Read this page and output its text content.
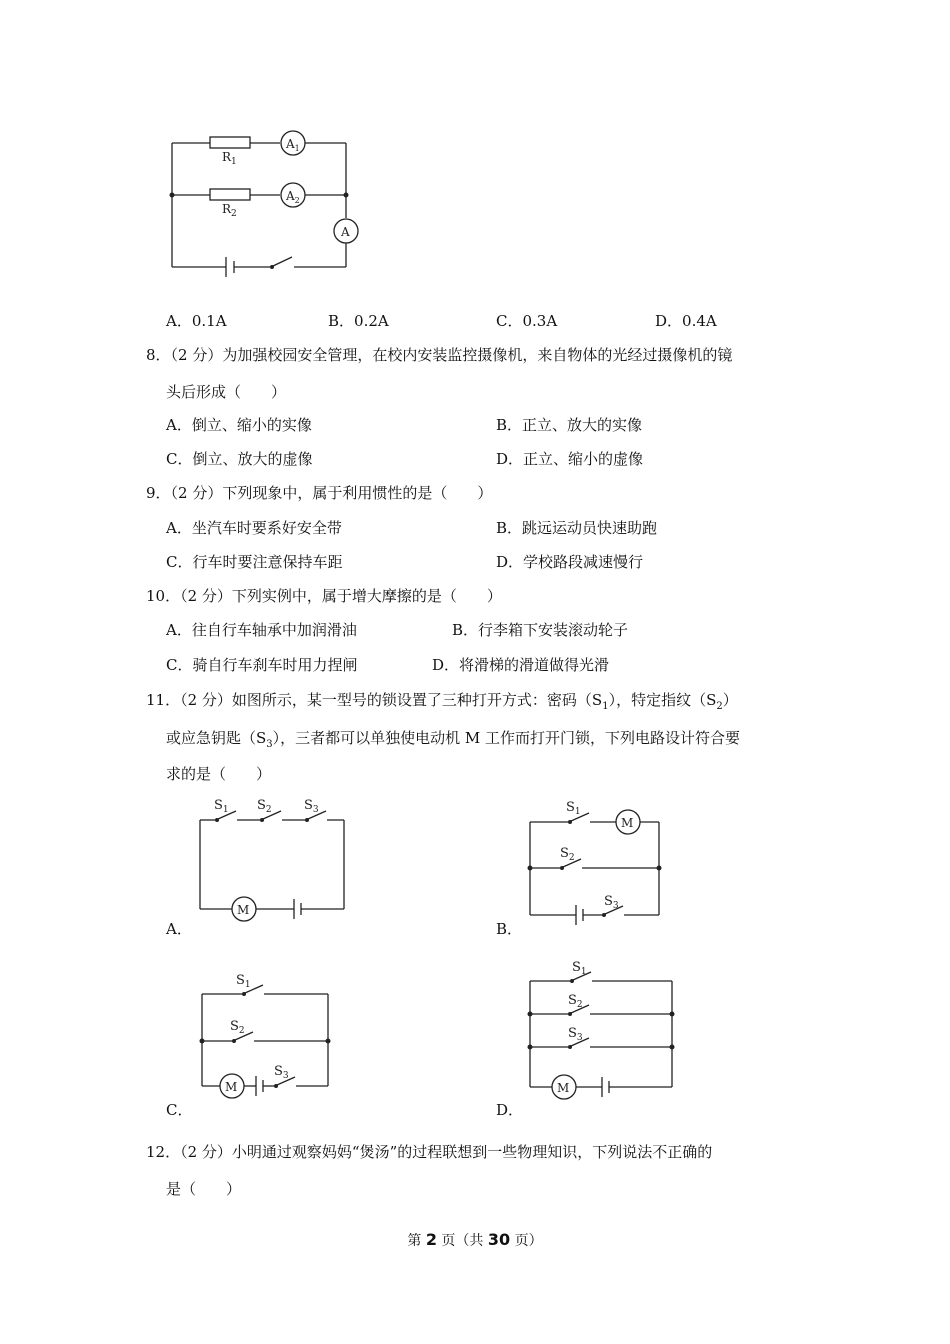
$R_1$
$R_2$
$A_1$
$A_2$
A
A．0.1A	B．0.2A	C．0.3A	D．0.4A
8．（2 分）为加强校园安全管理，在校内安装监控摄像机，来自物体的光经过摄像机的镜
头后形成（　　）
A．倒立、缩小的实像	B．正立、放大的实像
C．倒立、放大的虚像	D．正立、缩小的虚像
9．（2 分）下列现象中，属于利用惯性的是（　　）
A．坐汽车时要系好安全带	B．跳远运动员快速助跑
C．行车时要注意保持车距	D．学校路段减速慢行
10．（2 分）下列实例中，属于增大摩擦的是（　　）
A．往自行车轴承中加润滑油	B．行李箱下安装滚动轮子
C．骑自行车刹车时用力捏闸	D．将滑梯的滑道做得光滑
11．（2 分）如图所示，某一型号的锁设置了三种打开方式：密码$(S_1)$，特定指纹$(S_2)$
或应急钥匙$(S_3)$，三者都可以单独使电动机 M 工作而打开门锁，下列电路设计符合要
求的是（　　）
$S_1$ $S_2$ $S_3$
M
A．
$S_1$
$S_2$
$S_3$
M
B．
$S_1$
$S_2$
$S_3$
M
C．
$S_1$
$S_2$
$S_3$
M
D．
12．（2 分）小明通过观察妈妈“煲汤”的过程联想到一些物理知识，下列说法不正确的
是（　　）
第 2 页（共 30 页）
